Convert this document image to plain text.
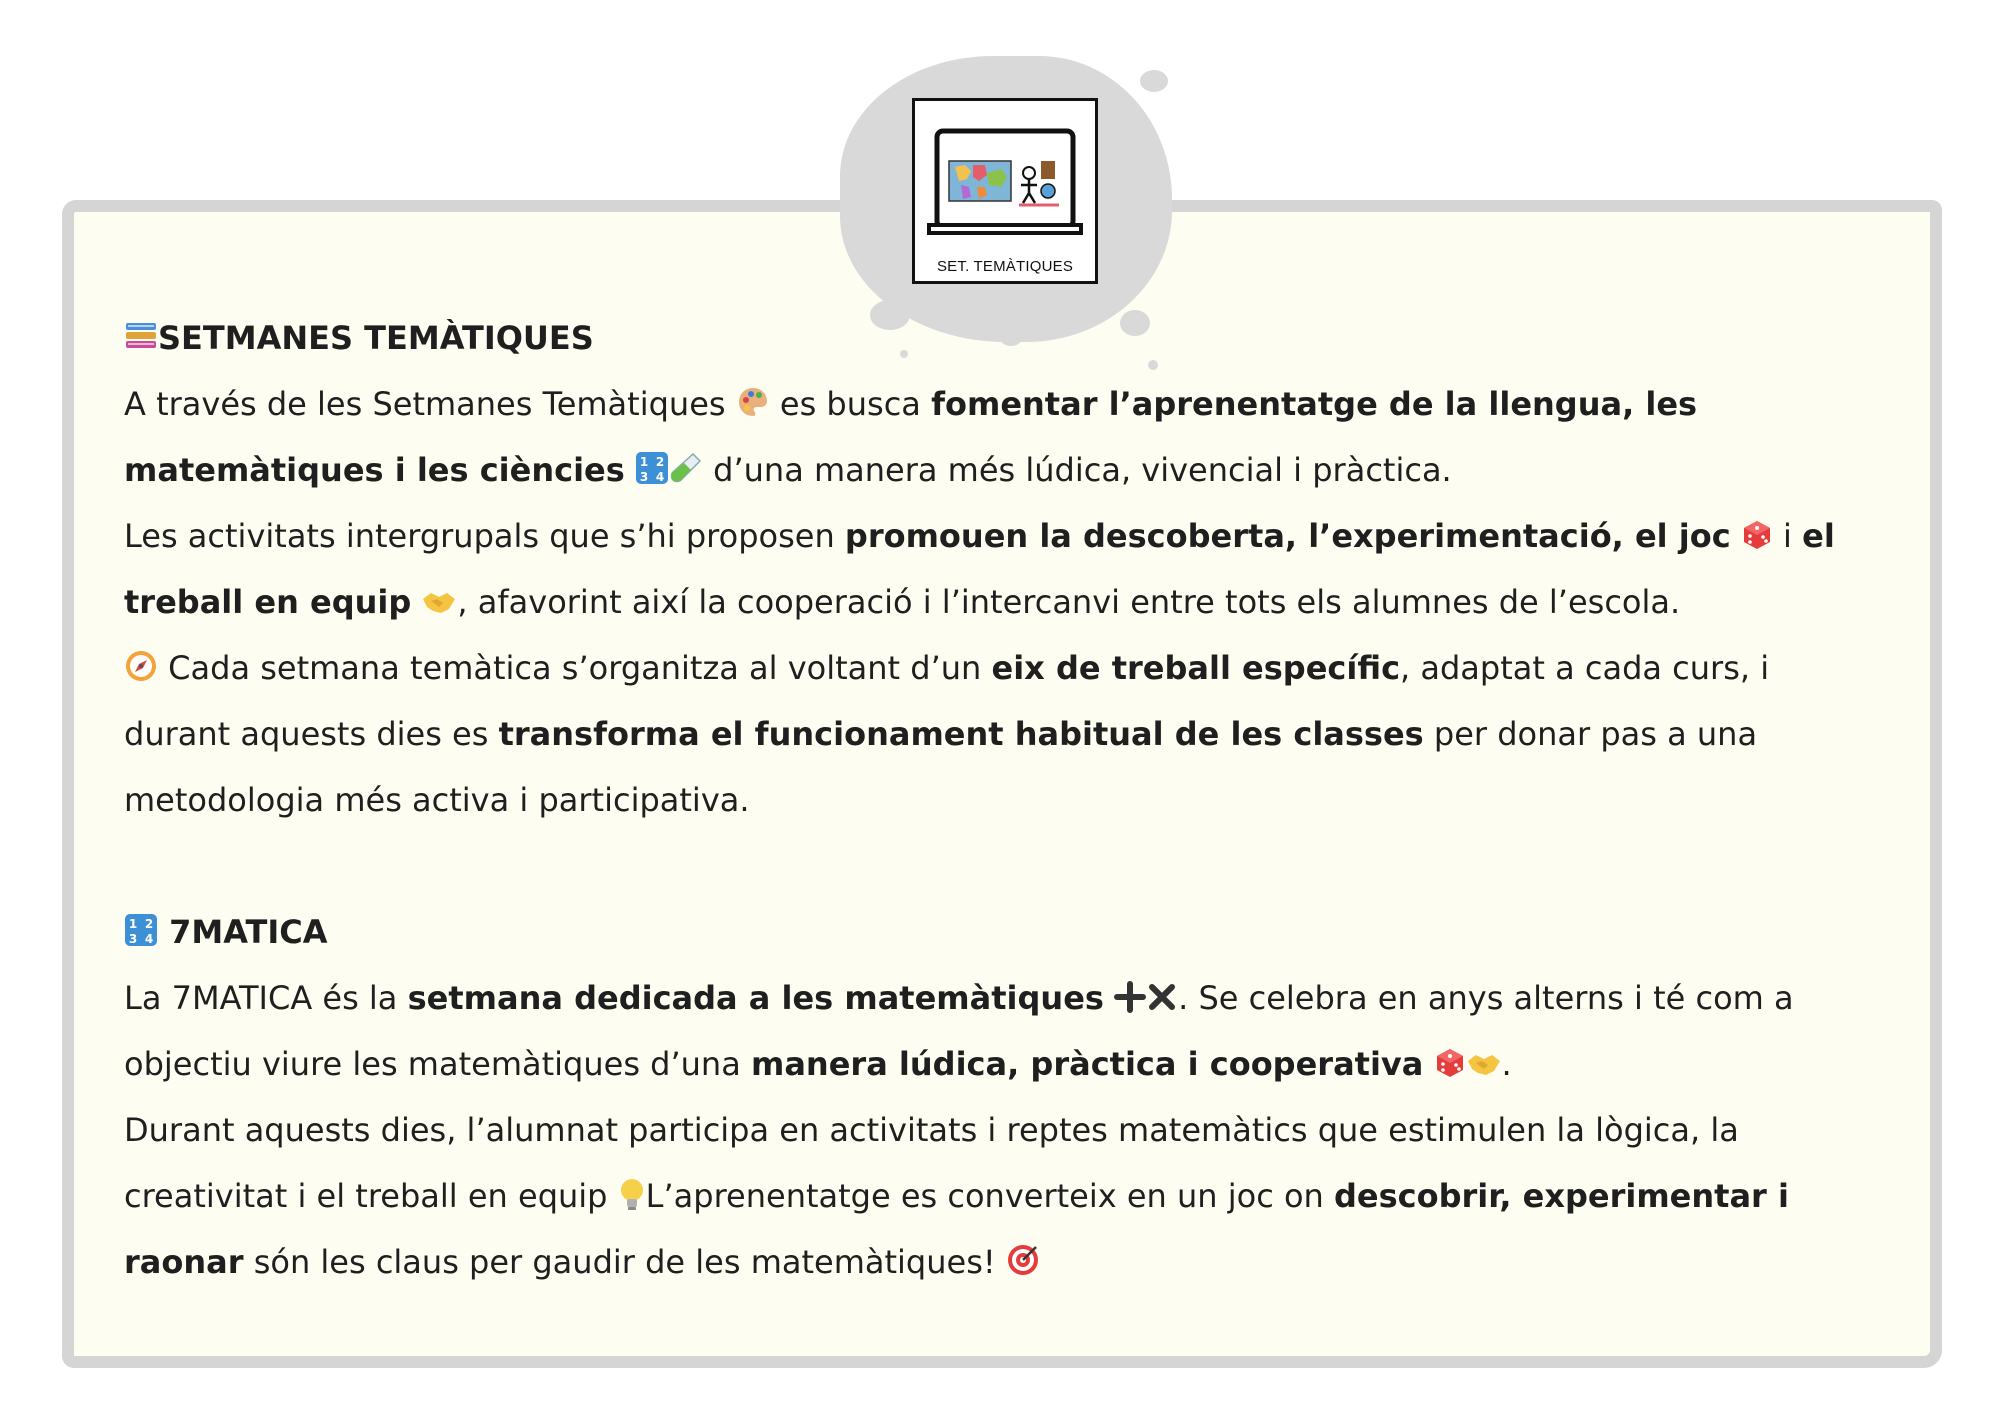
SET. TEMÀTIQUES

SETMANES TEMÀTIQUES

A través de les Setmanes Temàtiques
es busca fomentar l’aprenentatge de la llengua, les matemàtiques i les ciències 1 2
3 4 d’una manera més lúdica, vivencial i pràctica.

Les activitats intergrupals que s’hi proposen promouen la descoberta, l’experimentació, el joc
i el treball en equip , afavorint així la cooperació i l’intercanvi entre tots els alumnes de l’escola.

Cada setmana temàtica s’organitza al voltant d’un eix de treball específic, adaptat a cada curs, i durant aquests dies es transforma el funcionament habitual de les classes per donar pas a una metodologia més activa i participativa.

1 2
3 4 7MATICA

La 7MATICA és la setmana dedicada a les matemàtiques . Se celebra en anys alterns i té com a objectiu viure les matemàtiques d’una manera lúdica, pràctica i cooperativa .

Durant aquests dies, l’alumnat participa en activitats i reptes matemàtics que estimulen la lògica, la creativitat i el treball en equip
L’aprenentatge es converteix en un joc on descobrir, experimentar i raonar són les claus per gaudir de les matemàtiques!
